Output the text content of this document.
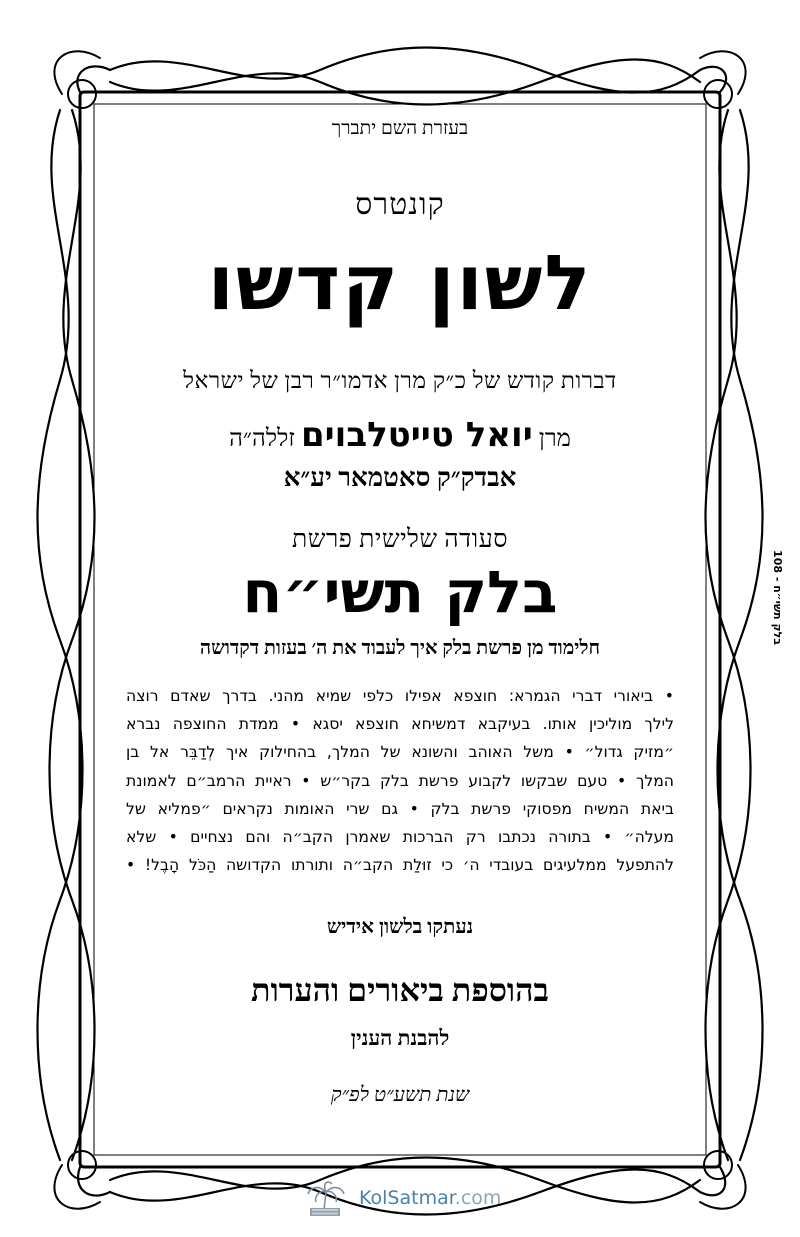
בעזרת השם יתברך
קונטרס
לשון קדשו
דברות קודש של כ״ק מרן אדמו״ר רבן של ישראל
מרן יואל טייטלבוים זללה״ה
אבדק״ק סאטמאר יע״א
סעודה שלישית פרשת
בלק תשי״ח
חלימוד מן פרשת בלק איך לעבוד את ה׳ בעזות דקדושה
• ביאורי דברי הגמרא: חוצפא אפילו כלפי שמיא מהני. בדרך שאדם רוצה
לילך מוליכין אותו. בעיקבא דמשיחא חוצפא יסגא • ממדת החוצפה נברא
״מזיק גדול״ • משל האוהב והשונא של המלך, בהחילוק איך לְדַבֵּר אל בן
המלך • טעם שבקשו לקבוע פרשת בלק בקר״ש • ראיית הרמב״ם לאמונת
ביאת המשיח מפסוקי פרשת בלק • גם שרי האומות נקראים ״פמליא של
מעלה״ • בתורה נכתבו רק הברכות שאמרן הקב״ה והם נצחיים • שלא
להתפעל ממלעיגים בעובדי ה׳ כי זוּלַת הקב״ה ותורתו הקדושה הַכֹּל הָבֶל! •
נעתקו בלשון אידיש
בהוספת ביאורים והערות
להבנת הענין
שנת תשע״ט לפ״ק
בלק תשי״ח - 108
KolSatmar.com
